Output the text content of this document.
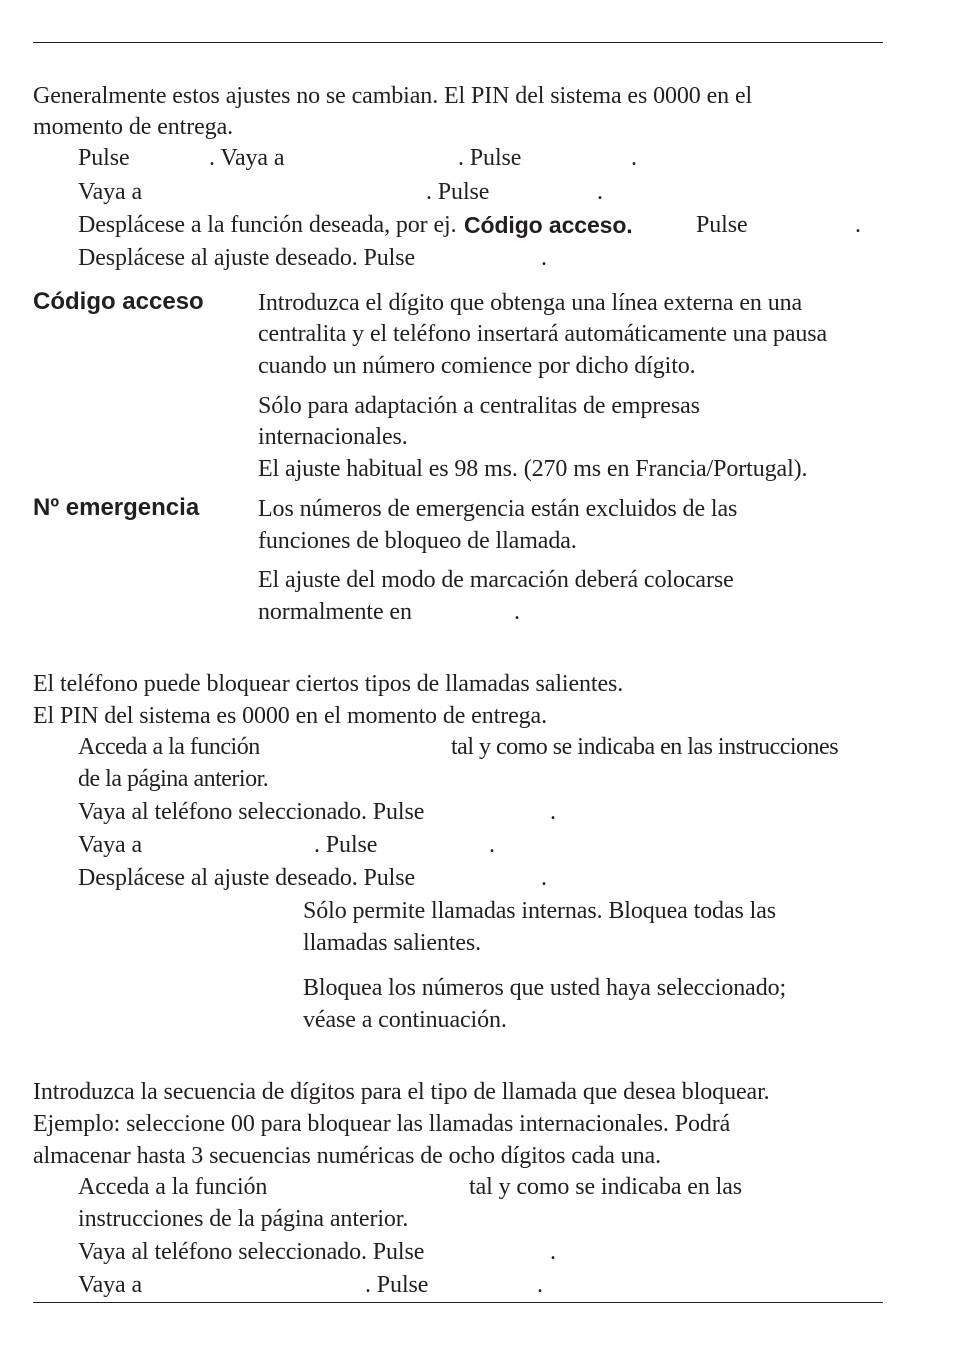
Generalmente estos ajustes no se cambian. El PIN del sistema es 0000 en el
momento de entrega.
Pulse	. Vaya a	. Pulse	.
Vaya a	. Pulse	.
Desplácese a la función deseada, por ej. Código acceso.	Pulse	.
Desplácese al ajuste deseado. Pulse	.
Código acceso Introduzca el dígito que obtenga una línea externa en una
centralita y el teléfono insertará automáticamente una pausa
cuando un número comience por dicho dígito.
Sólo para adaptación a centralitas de empresas
internacionales.
El ajuste habitual es 98 ms. (270 ms en Francia/Portugal).
Nº emergencia Los números de emergencia están excluidos de las
funciones de bloqueo de llamada.
El ajuste del modo de marcación deberá colocarse
normalmente en	.
El teléfono puede bloquear ciertos tipos de llamadas salientes.
El PIN del sistema es 0000 en el momento de entrega.
Acceda a la función	tal y como se indicaba en las instrucciones
de la página anterior.
Vaya al teléfono seleccionado. Pulse	.
Vaya a	. Pulse	.
Desplácese al ajuste deseado. Pulse	.
Sólo permite llamadas internas. Bloquea todas las
llamadas salientes.
Bloquea los números que usted haya seleccionado;
véase a continuación.
Introduzca la secuencia de dígitos para el tipo de llamada que desea bloquear.
Ejemplo: seleccione 00 para bloquear las llamadas internacionales. Podrá
almacenar hasta 3 secuencias numéricas de ocho dígitos cada una.
Acceda a la función	tal y como se indicaba en las
instrucciones de la página anterior.
Vaya al teléfono seleccionado. Pulse	.
Vaya a	. Pulse	.
